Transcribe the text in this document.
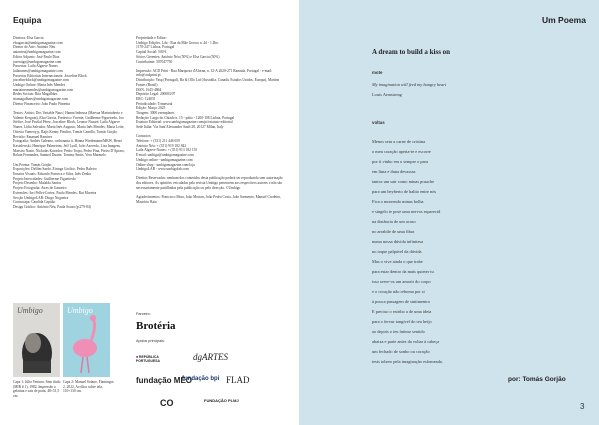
Equipa
Diretora: Elsa Garcia
elsagarcia@umbigomagazine.com
Diretor de Arte: António Néu
antonieu@umbigomagazine.com
Editor Adjunto: José Paulo Diaz
joseraigo@umbigomagazine.com
Parcerias: Laila Algarve Nunes
lailanunes@umbigomagazine.com
Parcerias Editoriais Internacionais: Josceline Block
joscelineblock@umbigomagazine.com
Umbigo Online: Marta Inês Mendes
martainesmendes@umbigomagazine.com
Redes Sociais: Rita Magalhães
ritamagalhaes@umbigomagazine.com
Diretor Financeiro: João Paulo Pimenta
Textos: Artists; Dos Variable Naus | Hanna Imbrusa (Marvaa Mariniuberto e Valente Kerguin), Elsa Garcia, Frederico Vicente, Guilherme Figueiredo, Joo Stéfice, José Pavilal Pérez, Josceline Block, Leonor Nazaré, Laila Algarve Nunes, Lídia Salvador, Maria Inês Augusto, Maria Inês Mendes, Maria Leite, Ottovia Vomecq-p, Rajis Kenny Pimlico, Tomás Camillo, Tomás Gorjão
Revisão: Emanuel Ramires
Fotografia: Andrés Galeano, carbonaria.it, Hanna Wiedemann/MKW, Henri Kasielewski, Henrique Palmeirim, Jeff Lyall, João Azevedo, Lisa Imagem, Maestro Nasto, Nickolas Kavadov, Pedro Tropa, Pedro Pina, Pietro D'Apraro, Rohan Fernandez, Samuel Duarte, Tommy Smits, Vera Marmelo
Um Poema: Tomás Gorjão
Exposições: Delfim Sardo, Eiringa Grolico, Pedro Baleiro
Ensaios Visuais: Eduardo Fonseca e Silva, Inês Zenha
Projeto Intercidades: Guilherme Figueiredo
Projeto Desenho: Mafalda Santos
Projeto Fotografia: Aires de Gameiro
Extensões: Iori Pellet-Cortez, Paulo Mendes, Rui Moreira
Secção UmbigoLAB: Diogo Nogueira
Contracapa: Candida Capitão
Design Gráfico: António Néu, Paula Sousa (p.279-84)
Propriedade e Editor:
Umbigo Edições, Lda - Rua da Mãe Grosso n. 4d - 1.Dto.
1170-247 Lisboa, Portugal
Capital Social: 500 €
Sócios Gerentes: António Néu (50%) e Elsa Garcia (50%)
Contribuinte: 507047750
Impressão: ACD Print - Rua Marquesa d'Alorna, n. 12-A 2620-271 Ramada, Portugal - e-mail: info@acdprint.pt
Distribuição: Vasp (Portugal), Ba & Ollo Ltd (Austrália, Canadá, Estados Unidos, Europa), Martins Fontes (Brasil)
ISSN: 1645-4864
Depósito Legal: 200083/07
ERC: 124051
Periodicidade: Trimestral
Edição: Março 2025
Tiragem: 3000 exemplares
Redação: Largo do Chiado n. 15 - pátio - 1200-108 Lisboa, Portugal
Estatuto Editorial: www.umbigomagazine.com/pt/estatuto-editorial
Sede Itália: Via Sant'Alessandro Sauli 28, 20127 Milan, Italy
Contactos:
Telefone: + (351) 211 446 659
António Néu: + (351) 919 182 842
Laila Algarve Nunes: + (351) 913 182 155
E-mail: umbigo@umbigomagazine.com
Umbigo online - umbigomagazine.com
Online shop - umbigomagazine.com/loja
UmbigoLAB - www.umbigolab.com
Direitos Reservados: nenhum dos conteúdos desta publicação poderá ser reproduzido sem autorização dos editores. As opiniões veiculadas pela revista Umbigo pertencem aos respectivos autores e não são necessariamente partilhadas pela publicação ou pela direcção. ©Umbigo
Agradecimentos: Francisco Mota, João Morton, João Pedro Costa, João Sarmento, Manuel Cordeiro, Maurício Rato
Umbigo	Umbigo
Capa 1: Júlia Ventura, Sem título (MIR # 1), 1982, Impressão a gelatina e sais de prata, 48×51,5 cm.
Capa 2: Manuel Solano, Flamingos 2, 2022, Acrílico sobre tela, 110×130 cm.
Parceiro:
Brotéria
Apoios principais:
■ REPÚBLICA PORTUGUESA	dgARTES
fundação MEO
fundação bpi FLAD
CO	FUNDAÇÃO PLMJ
Um Poema
A dream to build a kiss on
mote
My imagination will feed my hungry heart
Louis Armstrong
voltas
Menos sera a carne de cristina
o meu coração aperta-te e escorre
por ti vinho em o sempre o para
em lima e duna devassas
tantos um sair como minas pruache
para um beyberto de halito entre nós
Fica o morrendo minas bolha
e singelo te pose uma nervos esparecid
na distância de um acaso
no arrabile de uma fibra
numa nossa dúvida infinitesa
no toque palpável da dúvida
Mas o vive ainda o que trabe
para estar dentro da mais quieter tu
isso serve-os um amorir do corpo
e o coração não reboma por si
à pouca passagem de sintimentro
E preciso o estribo a de uma ideia
para o fervur tangível do teu beijo
ao depois o teu íntimo sentido
abaixa e parte antes da voltar à cabeça
um fechado de sonho ou coração
tesis tobreo pela imaginação esfomeada.
por: Tomás Gorjão
3
